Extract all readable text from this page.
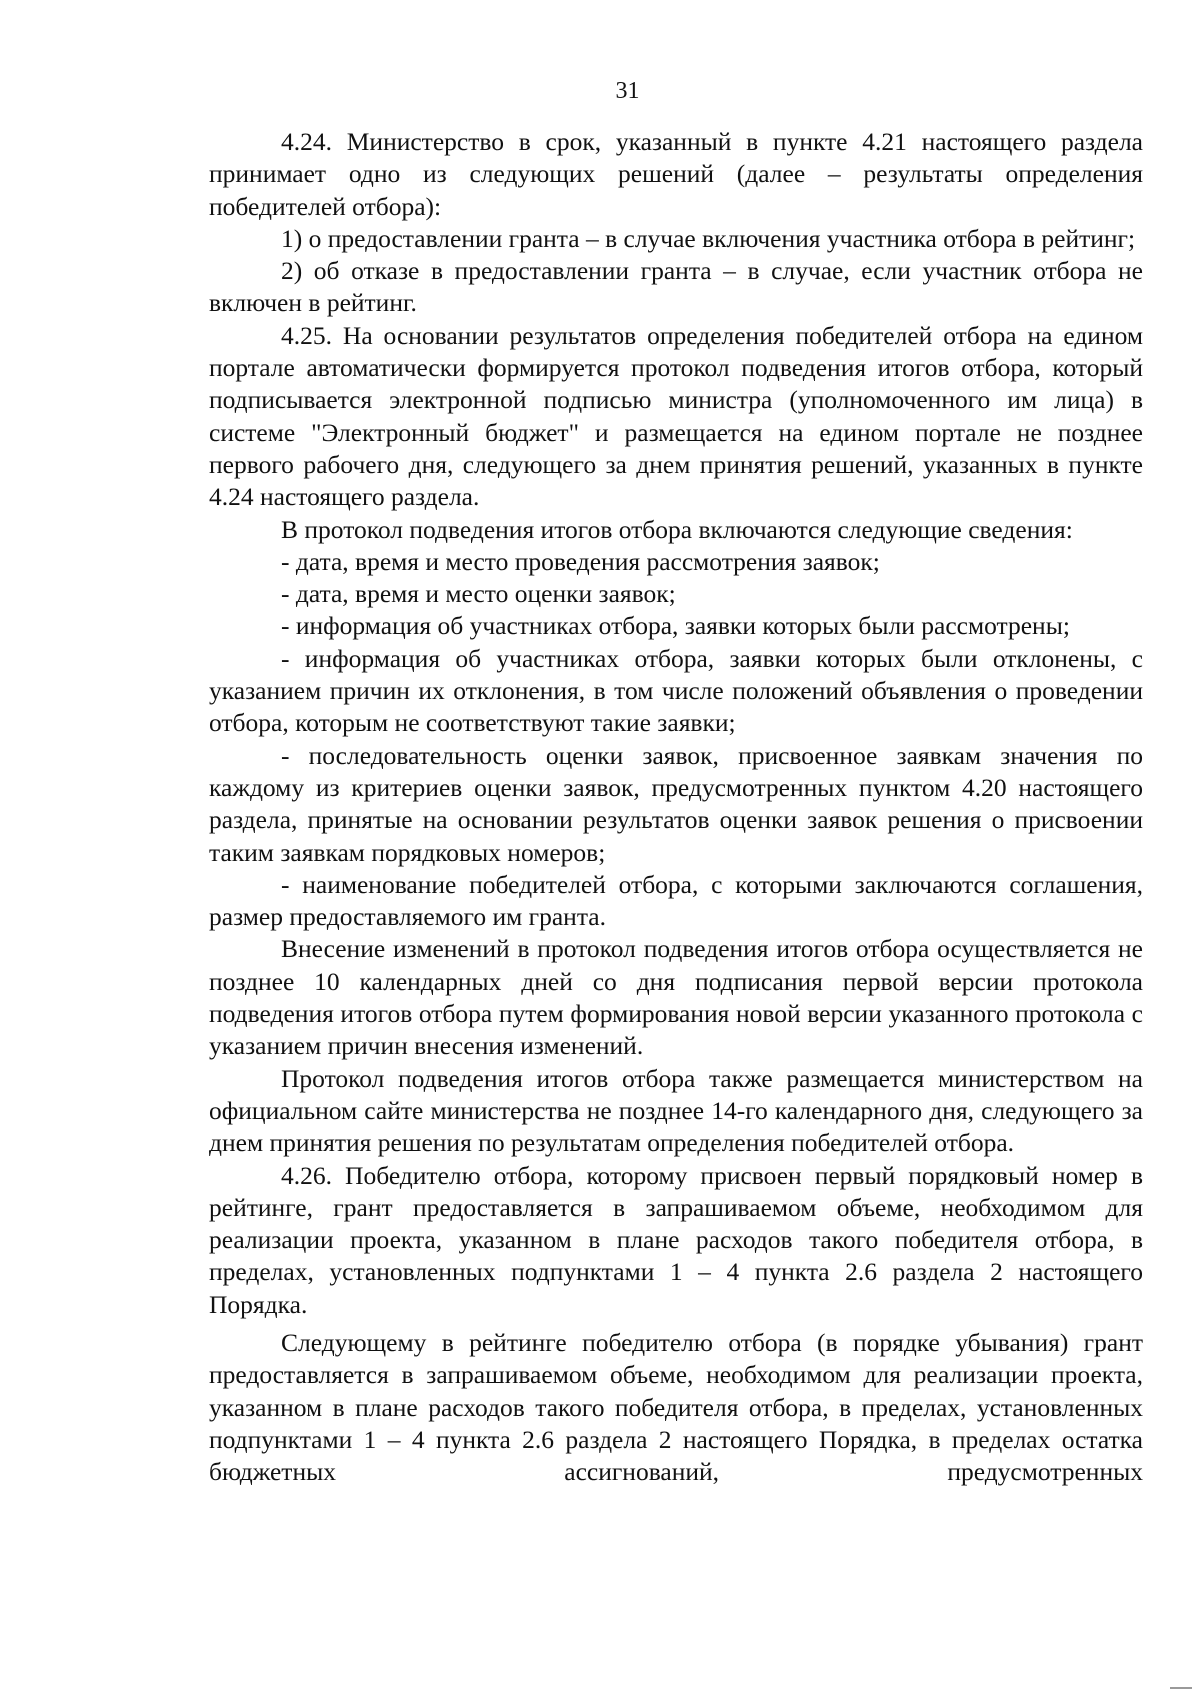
31

4.24. Министерство в срок, указанный в пункте 4.21 настоящего раздела принимает одно из следующих решений (далее – результаты определения победителей отбора):

1) о предоставлении гранта – в случае включения участника отбора в рейтинг;

2) об отказе в предоставлении гранта – в случае, если участник отбора не включен в рейтинг.

4.25. На основании результатов определения победителей отбора на едином портале автоматически формируется протокол подведения итогов отбора, который подписывается электронной подписью министра (уполномоченного им лица) в системе "Электронный бюджет" и размещается на едином портале не позднее первого рабочего дня, следующего за днем принятия решений, указанных в пункте 4.24 настоящего раздела.

В протокол подведения итогов отбора включаются следующие сведения:

- дата, время и место проведения рассмотрения заявок;

- дата, время и место оценки заявок;

- информация об участниках отбора, заявки которых были рассмотрены;

- информация об участниках отбора, заявки которых были отклонены, с указанием причин их отклонения, в том числе положений объявления о проведении отбора, которым не соответствуют такие заявки;

- последовательность оценки заявок, присвоенное заявкам значения по каждому из критериев оценки заявок, предусмотренных пунктом 4.20 настоящего раздела, принятые на основании результатов оценки заявок решения о присвоении таким заявкам порядковых номеров;

- наименование победителей отбора, с которыми заключаются соглашения, размер предоставляемого им гранта.

Внесение изменений в протокол подведения итогов отбора осуществляется не позднее 10 календарных дней со дня подписания первой версии протокола подведения итогов отбора путем формирования новой версии указанного протокола с указанием причин внесения изменений.

Протокол подведения итогов отбора также размещается министерством на официальном сайте министерства не позднее 14-го календарного дня, следующего за днем принятия решения по результатам определения победителей отбора.

4.26. Победителю отбора, которому присвоен первый порядковый номер в рейтинге, грант предоставляется в запрашиваемом объеме, необходимом для реализации проекта, указанном в плане расходов такого победителя отбора, в пределах, установленных подпунктами 1 – 4 пункта 2.6 раздела 2 настоящего Порядка.

Следующему в рейтинге победителю отбора (в порядке убывания) грант предоставляется в запрашиваемом объеме, необходимом для реализации проекта, указанном в плане расходов такого победителя отбора, в пределах, установленных подпунктами 1 – 4 пункта 2.6 раздела 2 настоящего Порядка, в пределах остатка бюджетных ассигнований, предусмотренных
